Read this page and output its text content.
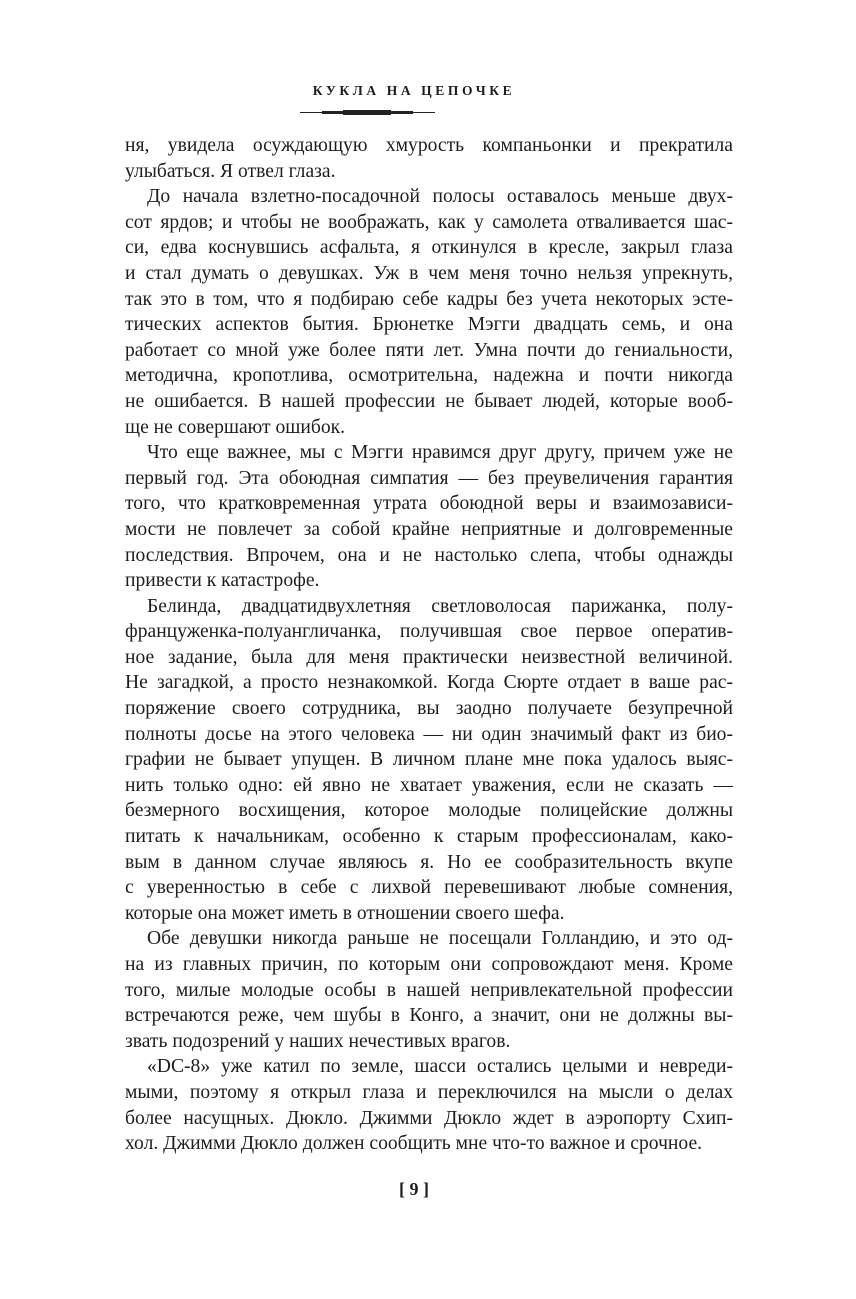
КУКЛА НА ЦЕПОЧКЕ
ня, увидела осуждающую хмурость компаньонки и прекратила
улыбаться. Я отвел глаза.
До начала взлетно-посадочной полосы оставалось меньше двух-
сот ярдов; и чтобы не воображать, как у самолета отваливается шас-
си, едва коснувшись асфальта, я откинулся в кресле, закрыл глаза
и стал думать о девушках. Уж в чем меня точно нельзя упрекнуть,
так это в том, что я подбираю себе кадры без учета некоторых эсте-
тических аспектов бытия. Брюнетке Мэгги двадцать семь, и она
работает со мной уже более пяти лет. Умна почти до гениальности,
методична, кропотлива, осмотрительна, надежна и почти никогда
не ошибается. В нашей профессии не бывает людей, которые вооб-
ще не совершают ошибок.
Что еще важнее, мы с Мэгги нравимся друг другу, причем уже не
первый год. Эта обоюдная симпатия — без преувеличения гарантия
того, что кратковременная утрата обоюдной веры и взаимозависи-
мости не повлечет за собой крайне неприятные и долговременные
последствия. Впрочем, она и не настолько слепа, чтобы однажды
привести к катастрофе.
Белинда, двадцатидвухлетняя светловолосая парижанка, полу-
француженка-полуангличанка, получившая свое первое оператив-
ное задание, была для меня практически неизвестной величиной.
Не загадкой, а просто незнакомкой. Когда Сюрте отдает в ваше рас-
поряжение своего сотрудника, вы заодно получаете безупречной
полноты досье на этого человека — ни один значимый факт из био-
графии не бывает упущен. В личном плане мне пока удалось выяс-
нить только одно: ей явно не хватает уважения, если не сказать —
безмерного восхищения, которое молодые полицейские должны
питать к начальникам, особенно к старым профессионалам, како-
вым в данном случае являюсь я. Но ее сообразительность вкупе
с уверенностью в себе с лихвой перевешивают любые сомнения,
которые она может иметь в отношении своего шефа.
Обе девушки никогда раньше не посещали Голландию, и это од-
на из главных причин, по которым они сопровождают меня. Кроме
того, милые молодые особы в нашей непривлекательной профессии
встречаются реже, чем шубы в Конго, а значит, они не должны вы-
звать подозрений у наших нечестивых врагов.
«DC-8» уже катил по земле, шасси остались целыми и невреди-
мыми, поэтому я открыл глаза и переключился на мысли о делах
более насущных. Дюкло. Джимми Дюкло ждет в аэропорту Схип-
хол. Джимми Дюкло должен сообщить мне что-то важное и срочное.
[ 9 ]
